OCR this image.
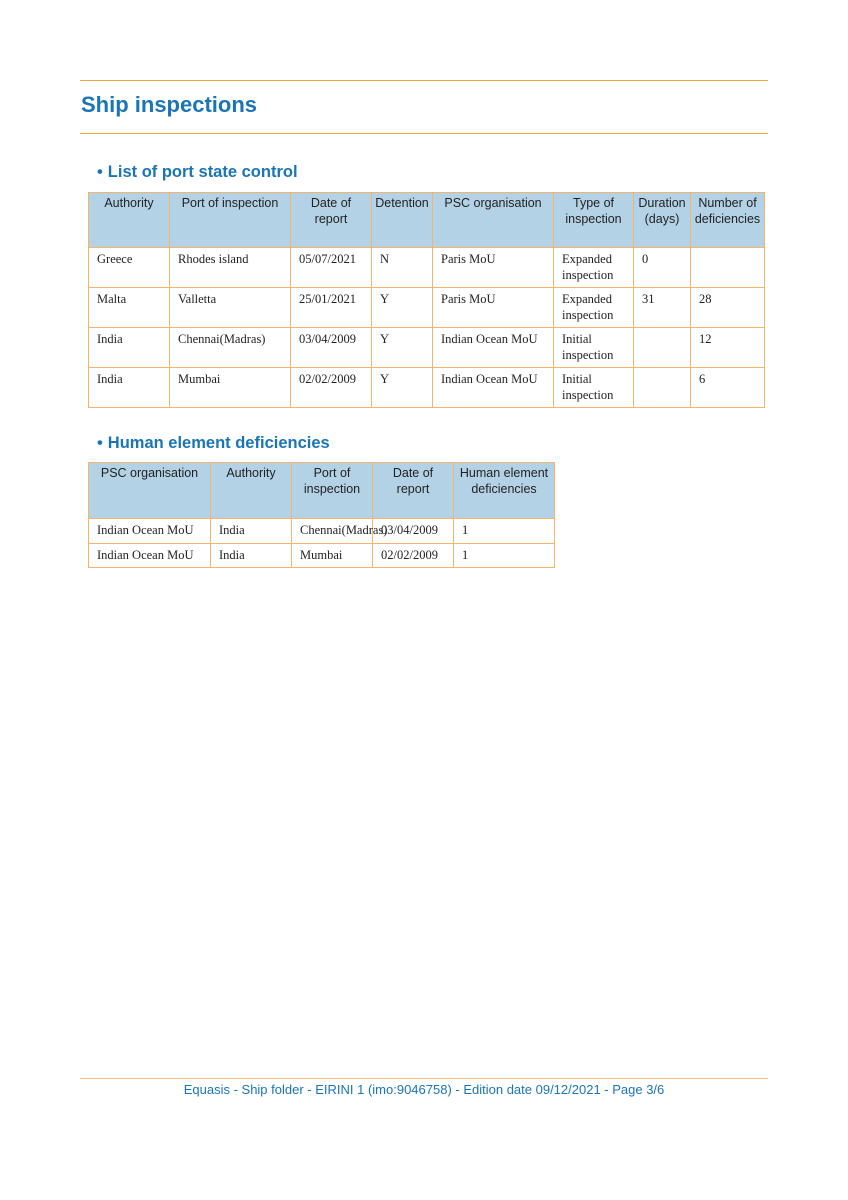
Ship inspections
• List of port state control
Authority	Port of inspection	Date of report	Detention	PSC organisation	Type of inspection	Duration (days)	Number of deficiencies
Greece	Rhodes island	05/07/2021	N	Paris MoU	Expanded inspection	0	
Malta	Valletta	25/01/2021	Y	Paris MoU	Expanded inspection	31	28
India	Chennai(Madras)	03/04/2009	Y	Indian Ocean MoU	Initial inspection		12
India	Mumbai	02/02/2009	Y	Indian Ocean MoU	Initial inspection		6
• Human element deficiencies
PSC organisation	Authority	Port of inspection	Date of report	Human element deficiencies
Indian Ocean MoU	India	Chennai(Madras)	03/04/2009	1
Indian Ocean MoU	India	Mumbai	02/02/2009	1
Equasis - Ship folder - EIRINI 1 (imo:9046758) - Edition date 09/12/2021 - Page 3/6
